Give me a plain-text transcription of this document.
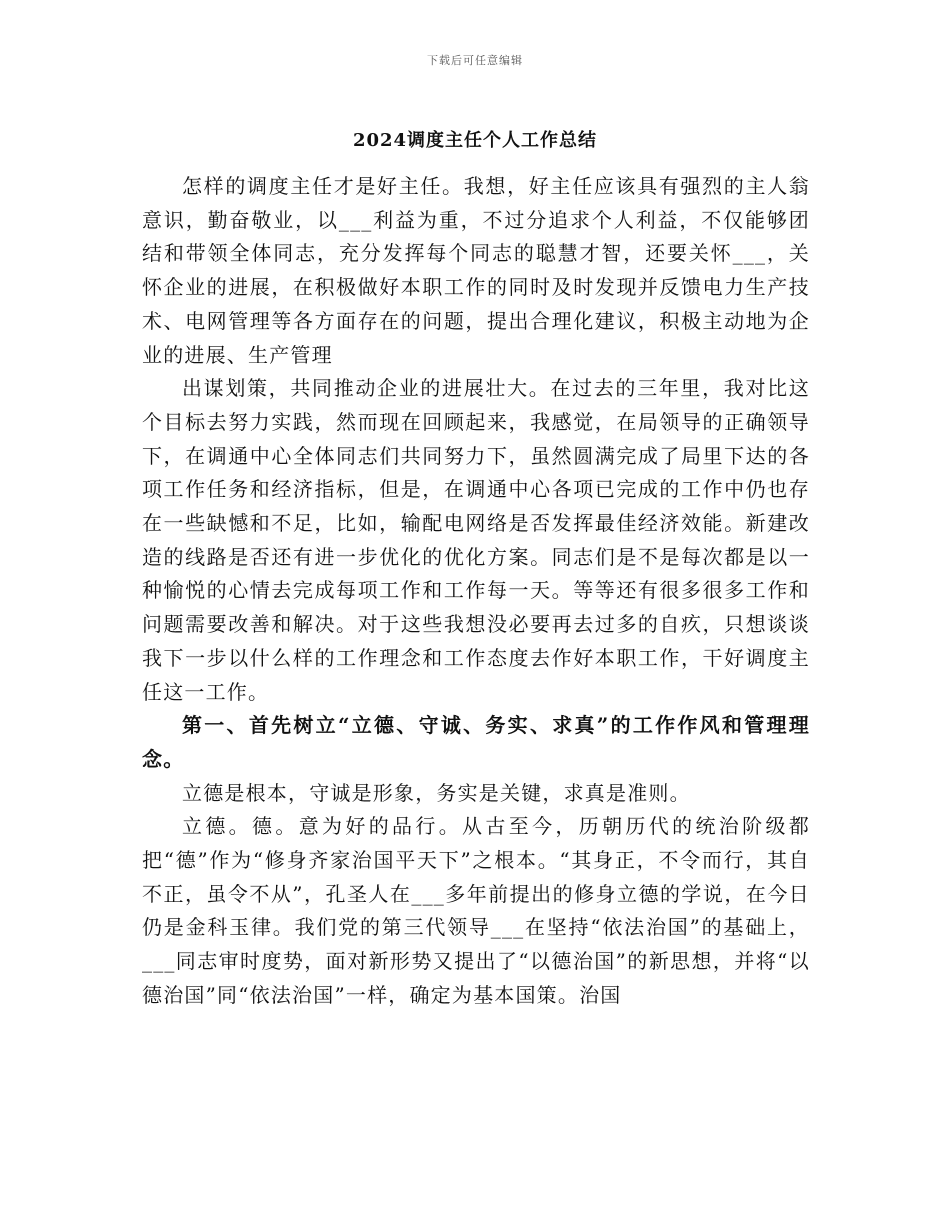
下载后可任意编辑
2024调度主任个人工作总结

怎样的调度主任才是好主任。我想，好主任应该具有强烈的主人翁意识，勤奋敬业，以___利益为重，不过分追求个人利益，不仅能够团结和带领全体同志，充分发挥每个同志的聪慧才智，还要关怀___，关怀企业的进展，在积极做好本职工作的同时及时发现并反馈电力生产技术、电网管理等各方面存在的问题，提出合理化建议，积极主动地为企业的进展、生产管理

出谋划策，共同推动企业的进展壮大。在过去的三年里，我对比这个目标去努力实践，然而现在回顾起来，我感觉，在局领导的正确领导下，在调通中心全体同志们共同努力下，虽然圆满完成了局里下达的各项工作任务和经济指标，但是，在调通中心各项已完成的工作中仍也存在一些缺憾和不足，比如，输配电网络是否发挥最佳经济效能。新建改造的线路是否还有进一步优化的优化方案。同志们是不是每次都是以一种愉悦的心情去完成每项工作和工作每一天。等等还有很多很多工作和问题需要改善和解决。对于这些我想没必要再去过多的自疚，只想谈谈我下一步以什么样的工作理念和工作态度去作好本职工作，干好调度主任这一工作。

第一、首先树立“立德、守诚、务实、求真”的工作作风和管理理念。

立德是根本，守诚是形象，务实是关键，求真是准则。

立德。德。意为好的品行。从古至今，历朝历代的统治阶级都把“德”作为“修身齐家治国平天下”之根本。“其身正，不令而行，其自不正，虽令不从”，孔圣人在___多年前提出的修身立德的学说，在今日仍是金科玉律。我们党的第三代领导___在坚持“依法治国”的基础上，___同志审时度势，面对新形势又提出了“以德治国”的新思想，并将“以德治国”同“依法治国”一样，确定为基本国策。治国
